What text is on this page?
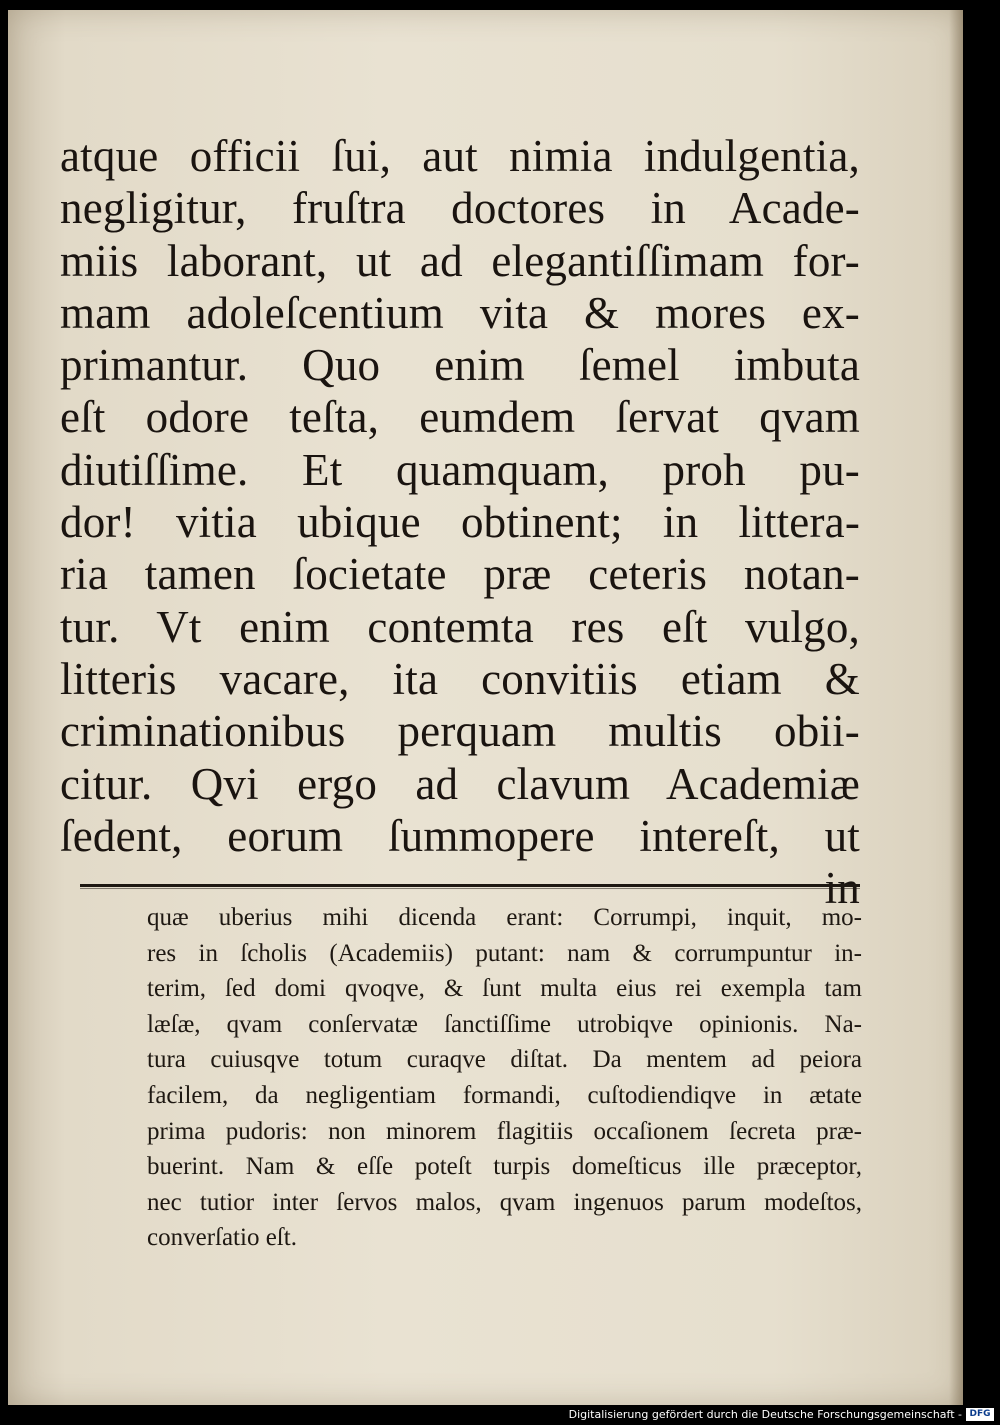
atque officii ſui, aut nimia indulgentia,
negligitur, fruſtra doctores in Acade-
miis laborant, ut ad elegantiſſimam for-
mam adoleſcentium vita & mores ex-
primantur. Quo enim ſemel imbuta
eſt odore teſta, eumdem ſervat qvam
diutiſſime. Et quamquam, proh pu-
dor! vitia ubique obtinent; in littera-
ria tamen ſocietate præ ceteris notan-
tur. Vt enim contemta res eſt vulgo,
litteris vacare, ita convitiis etiam &
criminationibus perquam multis obii-
citur. Qvi ergo ad clavum Academiæ
ſedent, eorum ſummopere intereſt, ut
quæ uberius mihi dicenda erant: Corrumpi, inquit, mo-
res in ſcholis (Academiis) putant: nam & corrumpuntur in-
terim, ſed domi qvoqve, & ſunt multa eius rei exempla tam
læſæ, qvam conſervatæ ſanctiſſime utrobiqve opinionis. Na-
tura cuiusqve totum curaqve diſtat. Da mentem ad peiora
facilem, da negligentiam formandi, cuſtodiendiqve in ætate
prima pudoris: non minorem flagitiis occaſionem ſecreta præ-
buerint. Nam & eſſe poteſt turpis domeſticus ille præceptor,
nec tutior inter ſervos malos, qvam ingenuos parum modeſtos,
converſatio eſt.
Digitalisierung gefördert durch die Deutsche Forschungsgemeinschaft - DFG
